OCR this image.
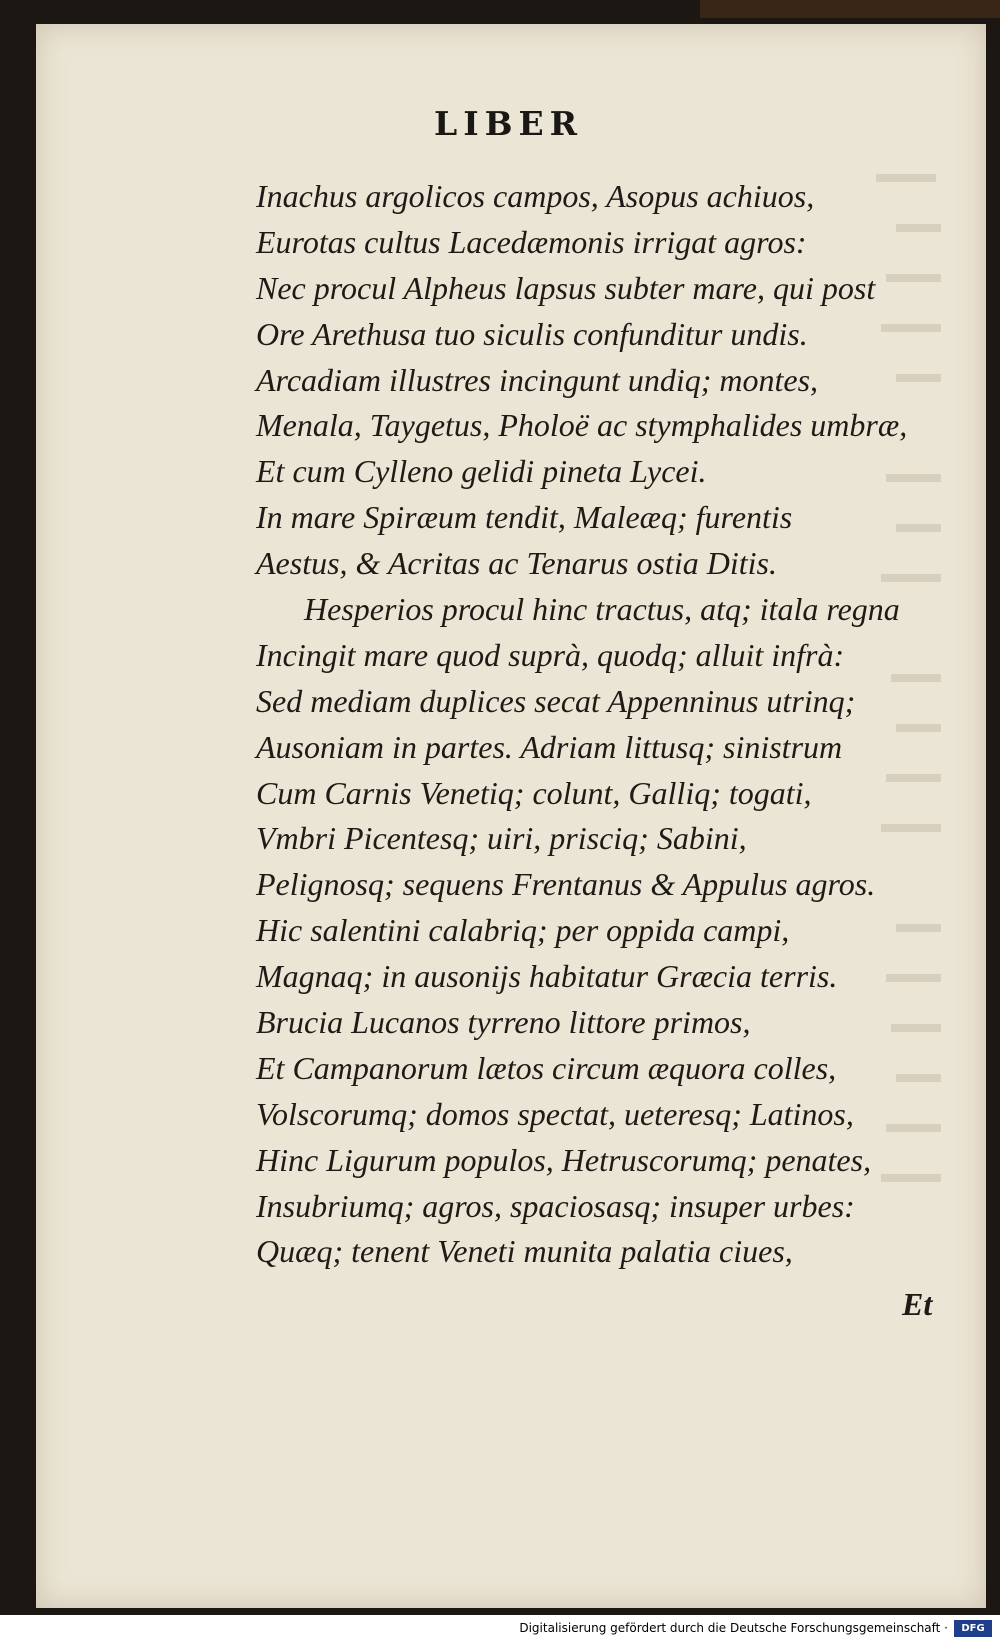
LIBER
Inachus argolicos campos, Asopus achiuos,
Eurotas cultus Lacedæmonis irrigat agros:
Nec procul Alpheus lapsus subter mare, qui post
Ore Arethusa tuo siculis confunditur undis.
Arcadiam illustres incingunt undiq; montes,
Menala, Taygetus, Pholoë ac stymphalides umbræ,
Et cum Cylleno gelidi pineta Lycei.
In mare Spiræum tendit, Maleæq; furentis
Aestus, & Acritas ac Tenarus ostia Ditis.
Hesperios procul hinc tractus, atq; itala regna
Incingit mare quod suprà, quodq; alluit infrà:
Sed mediam duplices secat Appenninus utrinq;
Ausoniam in partes. Adriam littusq; sinistrum
Cum Carnis Venetiq; colunt, Galliq; togati,
Vmbri Picentesq; uiri, prisciq; Sabini,
Pelignosq; sequens Frentanus & Appulus agros.
Hic salentini calabriq; per oppida campi,
Magnaq; in ausonijs habitatur Græcia terris.
Brucia Lucanos tyrreno littore primos,
Et Campanorum lætos circum æquora colles,
Volscorumq; domos spectat, ueteresq; Latinos,
Hinc Ligurum populos, Hetruscorumq; penates,
Insubriumq; agros, spaciosasq; insuper urbes:
Quæq; tenent Veneti munita palatia ciues,
Et
Digitalisierung gefördert durch die Deutsche Forschungsgemeinschaft ·	DFG
